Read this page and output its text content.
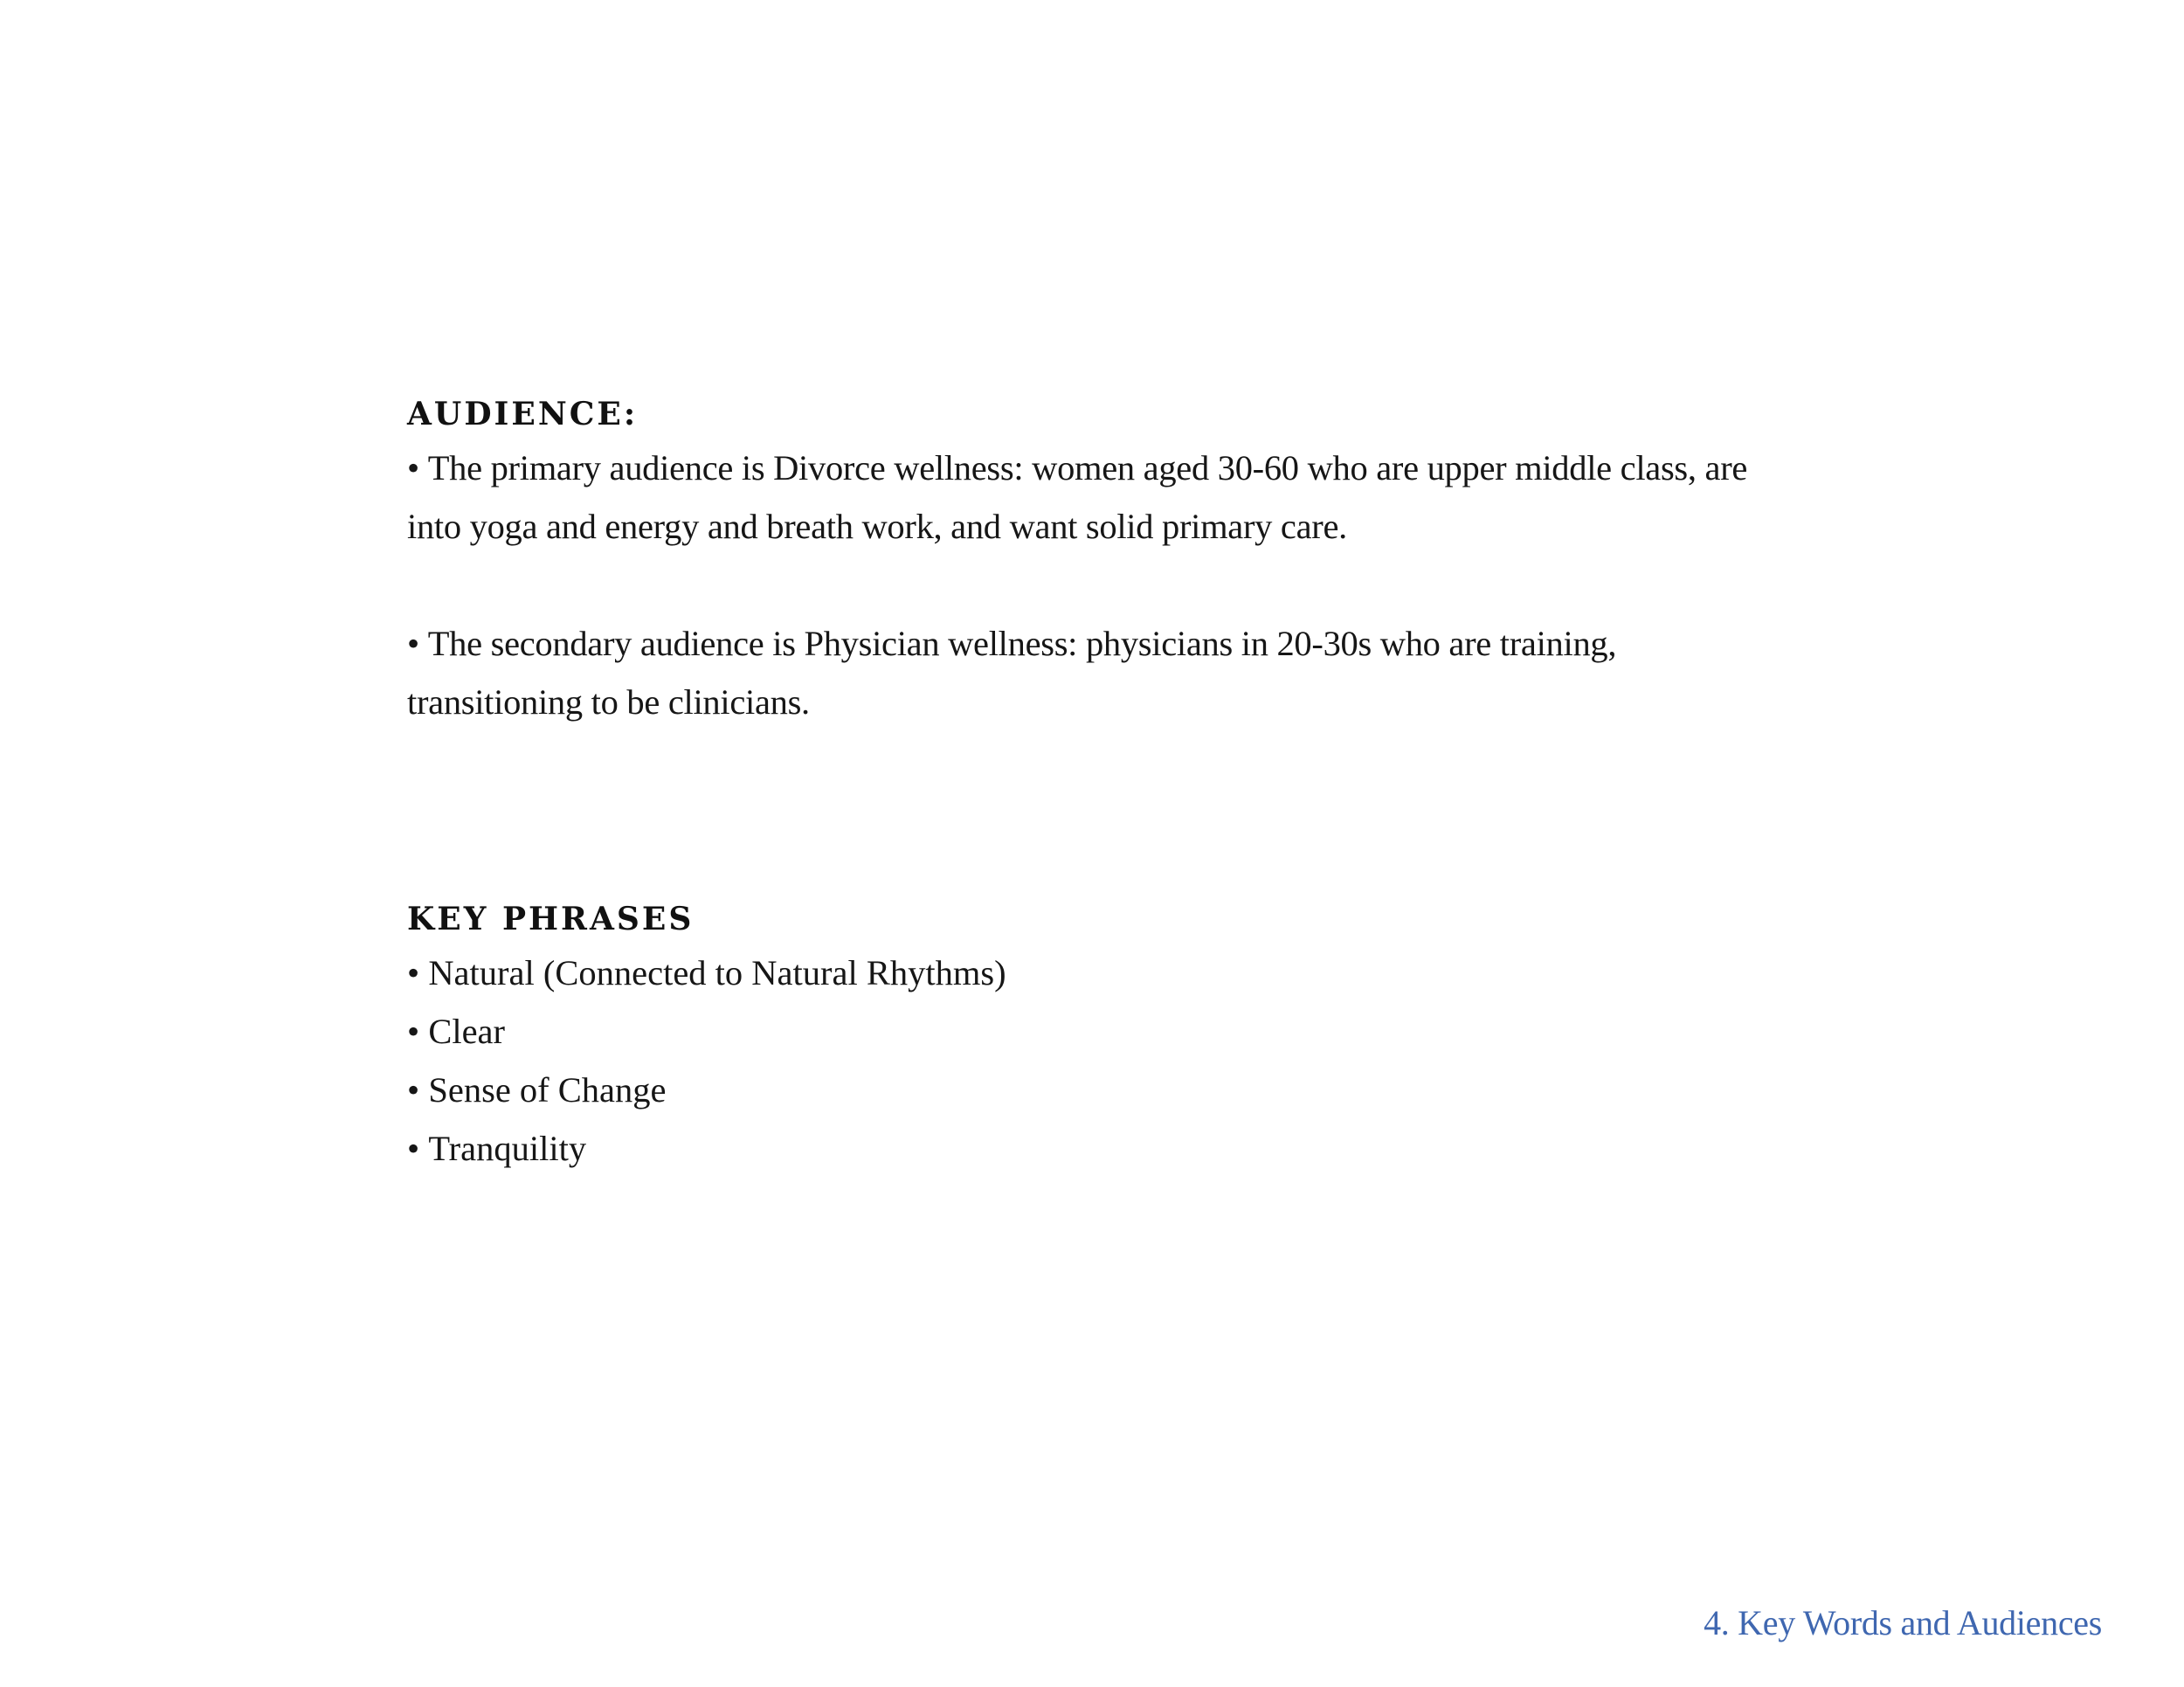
AUDIENCE:

• The primary audience is Divorce wellness: women aged 30-60 who are upper middle class, are into yoga and energy and breath work, and want solid primary care.

• The secondary audience is Physician wellness: physicians in 20-30s who are training, transitioning to be clinicians.

KEY PHRASES
• Natural (Connected to Natural Rhythms)
• Clear
• Sense of Change
• Tranquility
4. Key Words and Audiences
